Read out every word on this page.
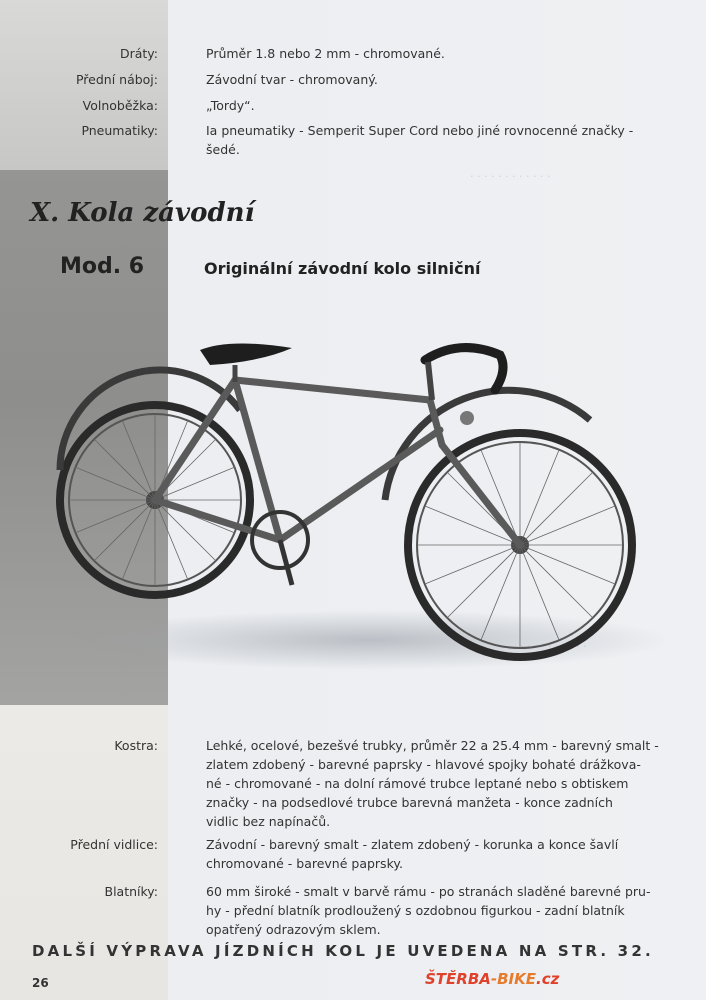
· · · · · · · · · · · ·
Dráty:	Průměr 1.8 nebo 2 mm - chromované.
Přední náboj:	Závodní tvar - chromovaný.
Volnoběžka:	„Tordy“.
Pneumatiky:	Ia pneumatiky - Semperit Super Cord nebo jiné rovnocenné značky -
šedé.
X. Kola závodní
Mod. 6	Originální závodní kolo silniční
Kostra:	Lehké, ocelové, bezešvé trubky, průměr 22 a 25.4 mm - barevný smalt -
zlatem zdobený - barevné paprsky - hlavové spojky bohaté drážkova-
né - chromované - na dolní rámové trubce leptané nebo s obtiskem
značky - na podsedlové trubce barevná manžeta - konce zadních
vidlic bez napínačů.
Přední vidlice:	Závodní - barevný smalt - zlatem zdobený - korunka a konce šavlí
chromované - barevné paprsky.
Blatníky:	60 mm široké - smalt v barvě rámu - po stranách sladěné barevné pru-
hy - přední blatník prodloužený s ozdobnou figurkou - zadní blatník
opatřený odrazovým sklem.
DALŠÍ VÝPRAVA JÍZDNÍCH KOL JE UVEDENA NA STR. 32.
26	ŠTĚRBA-BIKE.cz
